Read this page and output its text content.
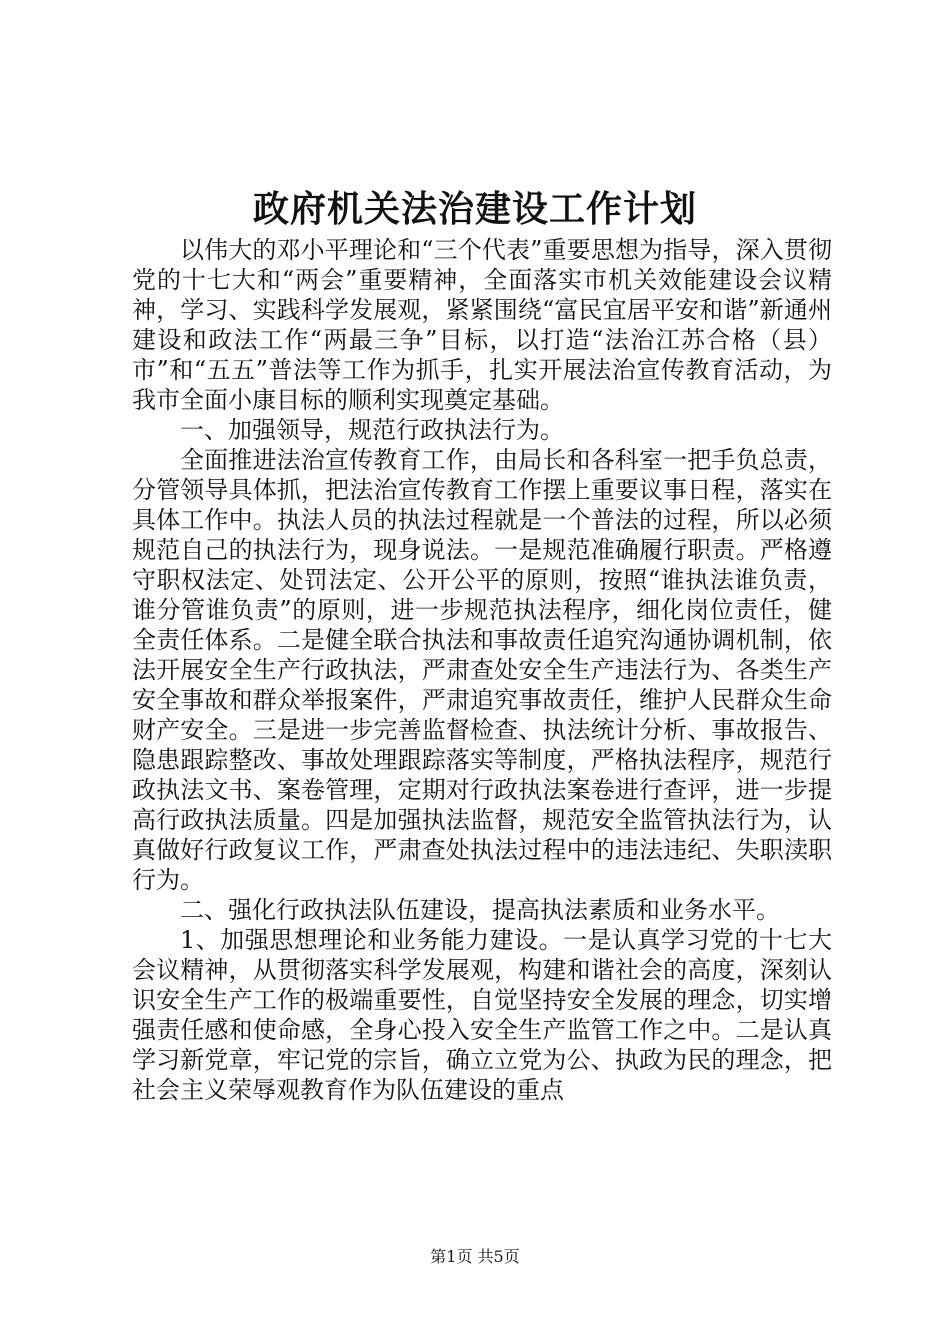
政府机关法治建设工作计划

以伟大的邓小平理论和“三个代表”重要思想为指导，深入贯彻党的十七大和“两会”重要精神，全面落实市机关效能建设会议精神，学习、实践科学发展观，紧紧围绕“富民宜居平安和谐”新通州建设和政法工作“两最三争”目标，以打造“法治江苏合格（县）市”和“五五”普法等工作为抓手，扎实开展法治宣传教育活动，为我市全面小康目标的顺利实现奠定基础。

一、加强领导，规范行政执法行为。

全面推进法治宣传教育工作，由局长和各科室一把手负总责，分管领导具体抓，把法治宣传教育工作摆上重要议事日程，落实在具体工作中。执法人员的执法过程就是一个普法的过程，所以必须规范自己的执法行为，现身说法。一是规范准确履行职责。严格遵守职权法定、处罚法定、公开公平的原则，按照“谁执法谁负责，谁分管谁负责”的原则，进一步规范执法程序，细化岗位责任，健全责任体系。二是健全联合执法和事故责任追究沟通协调机制，依法开展安全生产行政执法，严肃查处安全生产违法行为、各类生产安全事故和群众举报案件，严肃追究事故责任，维护人民群众生命财产安全。三是进一步完善监督检查、执法统计分析、事故报告、隐患跟踪整改、事故处理跟踪落实等制度，严格执法程序，规范行政执法文书、案卷管理，定期对行政执法案卷进行查评，进一步提高行政执法质量。四是加强执法监督，规范安全监管执法行为，认真做好行政复议工作，严肃查处执法过程中的违法违纪、失职渎职行为。

二、强化行政执法队伍建设，提高执法素质和业务水平。

1、加强思想理论和业务能力建设。一是认真学习党的十七大会议精神，从贯彻落实科学发展观，构建和谐社会的高度，深刻认识安全生产工作的极端重要性，自觉坚持安全发展的理念，切实增强责任感和使命感，全身心投入安全生产监管工作之中。二是认真学习新党章，牢记党的宗旨，确立立党为公、执政为民的理念，把社会主义荣辱观教育作为队伍建设的重点

第1页 共5页
